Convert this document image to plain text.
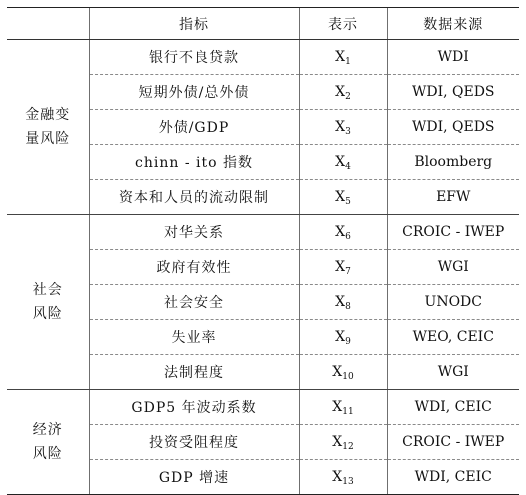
	指标	表示	数据来源
金融变
量风险	银行不良贷款	$X_1$	WDI
	短期外债/总外债	$X_2$	WDI, QEDS
	外债/GDP	$X_3$	WDI, QEDS
	chinn - ito 指数	$X_4$	Bloomberg
	资本和人员的流动限制	$X_5$	EFW
社会
风险	对华关系	$X_6$	CROIC - IWEP
	政府有效性	$X_7$	WGI
	社会安全	$X_8$	UNODC
	失业率	$X_9$	WEO, CEIC
	法制程度	$X_{10}$	WGI
经济
风险	GDP5 年波动系数	$X_{11}$	WDI, CEIC
	投资受阻程度	$X_{12}$	CROIC - IWEP
	GDP 增速	$X_{13}$	WDI, CEIC
